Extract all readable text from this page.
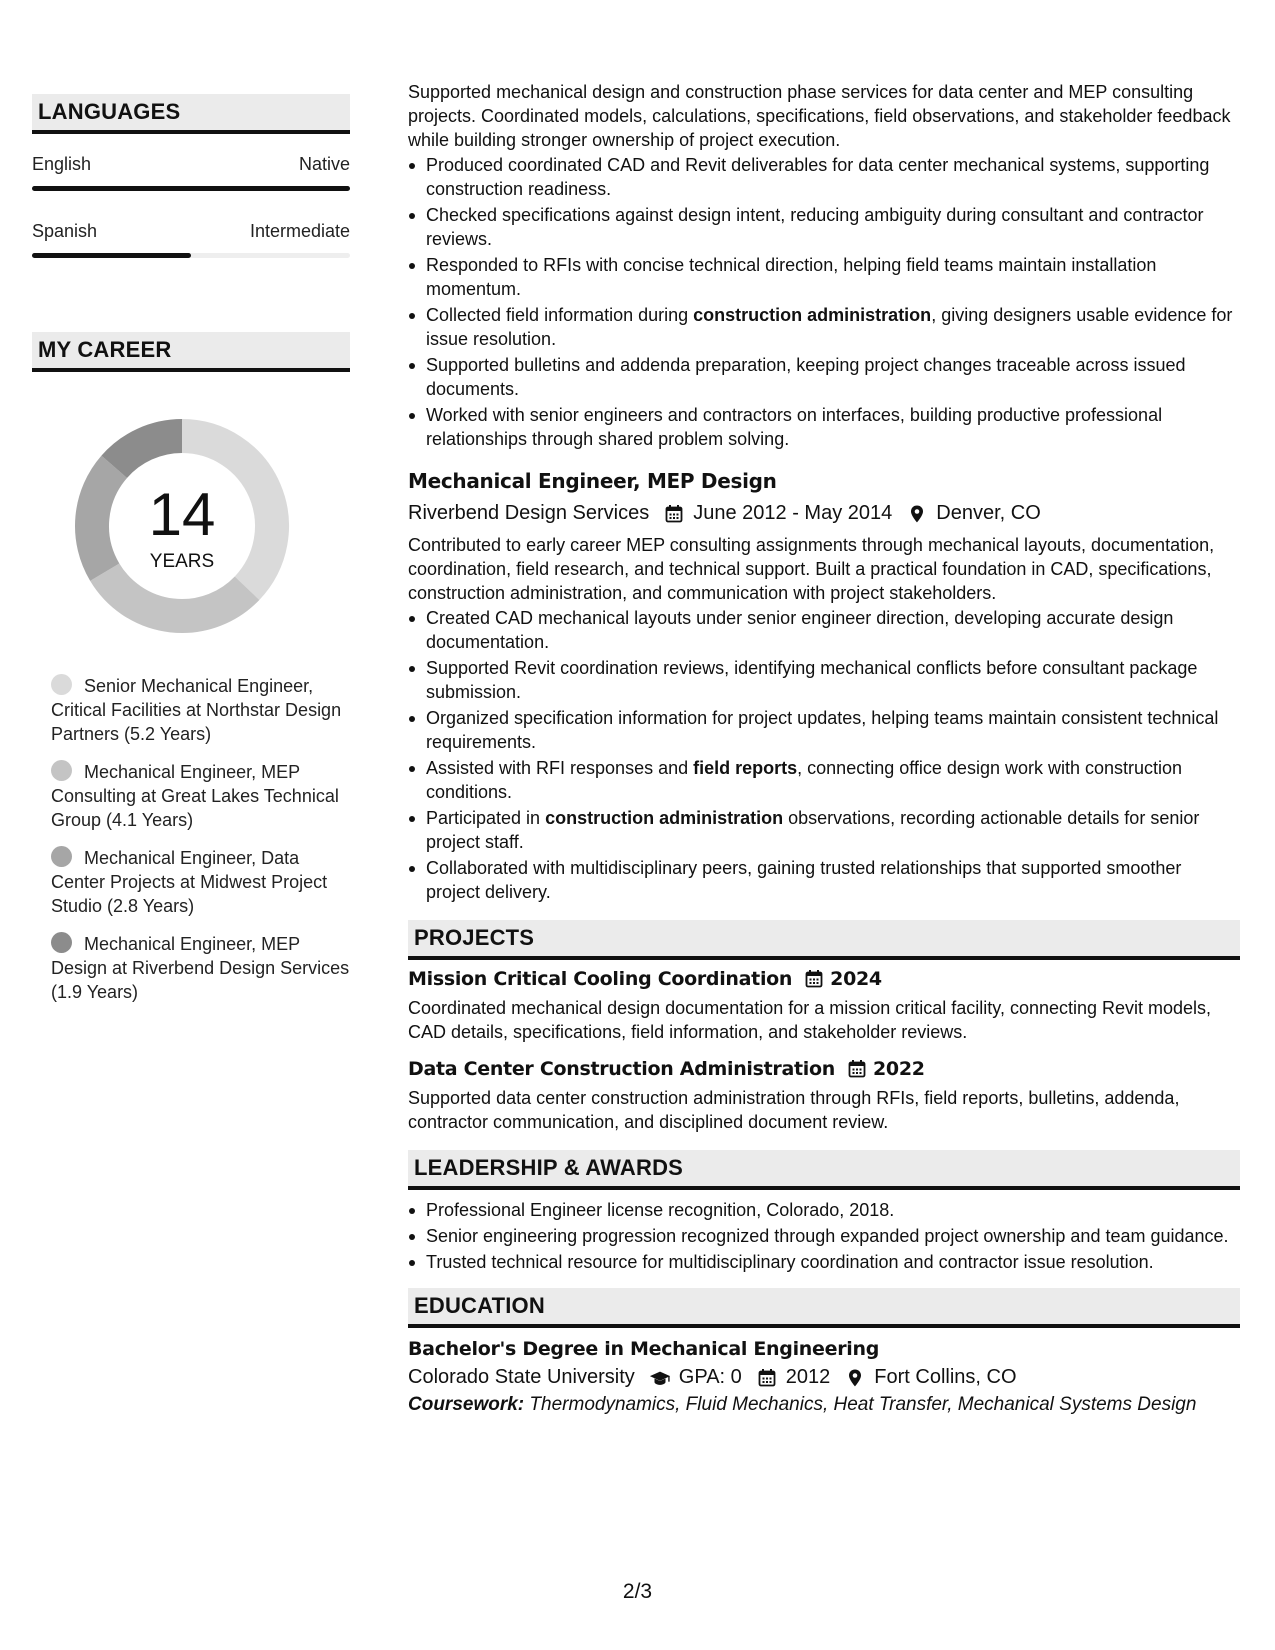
LANGUAGES
English	Native
Spanish	Intermediate
MY CAREER
14
YEARS
Senior Mechanical Engineer, Critical Facilities at Northstar Design Partners (5.2 Years)
Mechanical Engineer, MEP Consulting at Great Lakes Technical Group (4.1 Years)
Mechanical Engineer, Data Center Projects at Midwest Project Studio (2.8 Years)
Mechanical Engineer, MEP Design at Riverbend Design Services (1.9 Years)
Supported mechanical design and construction phase services for data center and MEP consulting projects. Coordinated models, calculations, specifications, field observations, and stakeholder feedback while building stronger ownership of project execution.
Produced coordinated CAD and Revit deliverables for data center mechanical systems, supporting construction readiness.
Checked specifications against design intent, reducing ambiguity during consultant and contractor reviews.
Responded to RFIs with concise technical direction, helping field teams maintain installation momentum.
Collected field information during construction administration, giving designers usable evidence for issue resolution.
Supported bulletins and addenda preparation, keeping project changes traceable across issued documents.
Worked with senior engineers and contractors on interfaces, building productive professional relationships through shared problem solving.
Mechanical Engineer, MEP Design
Riverbend Design Services June 2012 - May 2014 Denver, CO
Contributed to early career MEP consulting assignments through mechanical layouts, documentation, coordination, field research, and technical support. Built a practical foundation in CAD, specifications, construction administration, and communication with project stakeholders.
Created CAD mechanical layouts under senior engineer direction, developing accurate design documentation.
Supported Revit coordination reviews, identifying mechanical conflicts before consultant package submission.
Organized specification information for project updates, helping teams maintain consistent technical requirements.
Assisted with RFI responses and field reports, connecting office design work with construction conditions.
Participated in construction administration observations, recording actionable details for senior project staff.
Collaborated with multidisciplinary peers, gaining trusted relationships that supported smoother project delivery.
PROJECTS
Mission Critical Cooling Coordination 2024
Coordinated mechanical design documentation for a mission critical facility, connecting Revit models, CAD details, specifications, field information, and stakeholder reviews.
Data Center Construction Administration 2022
Supported data center construction administration through RFIs, field reports, bulletins, addenda, contractor communication, and disciplined document review.
LEADERSHIP & AWARDS
Professional Engineer license recognition, Colorado, 2018.
Senior engineering progression recognized through expanded project ownership and team guidance.
Trusted technical resource for multidisciplinary coordination and contractor issue resolution.
EDUCATION
Bachelor's Degree in Mechanical Engineering
Colorado State University GPA: 0 2012 Fort Collins, CO
Coursework: Thermodynamics, Fluid Mechanics, Heat Transfer, Mechanical Systems Design
2/3
